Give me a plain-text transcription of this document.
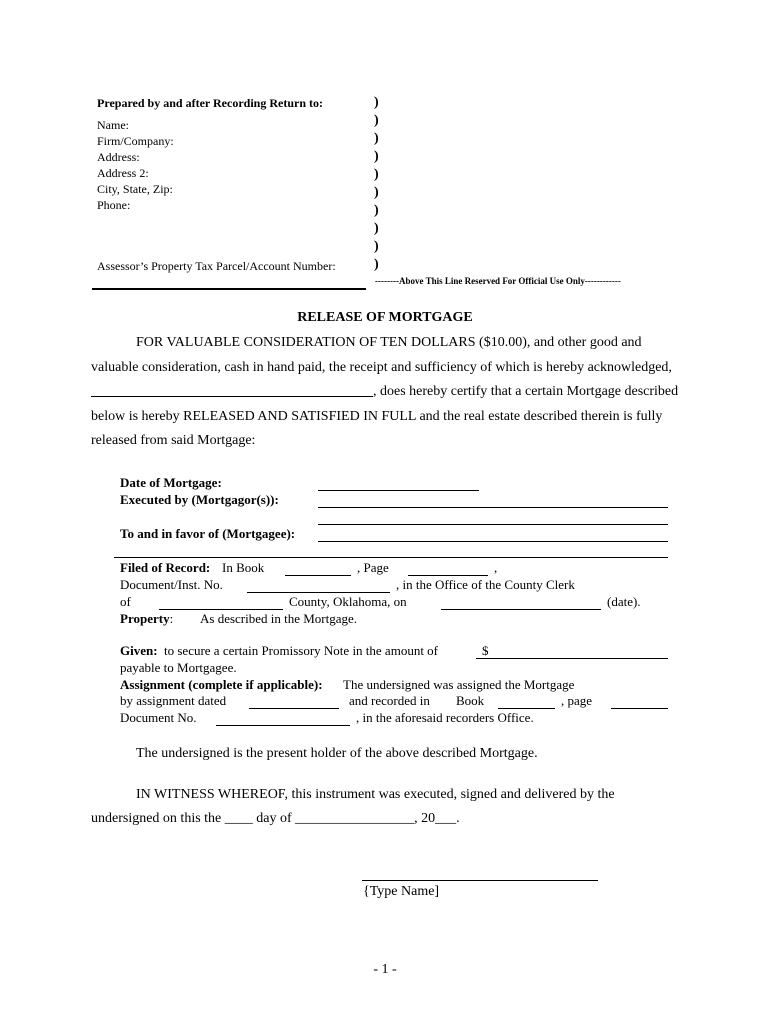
Prepared by and after Recording Return to:
Name:
Firm/Company:
Address:
Address 2:
City, State, Zip:
Phone:
Assessor’s Property Tax Parcel/Account Number:
)
)
)
)
)
)
)
)
)
)
--------Above This Line Reserved For Official Use Only------------
RELEASE OF MORTGAGE
FOR VALUABLE CONSIDERATION OF TEN DOLLARS ($10.00), and other good and
valuable consideration, cash in hand paid, the receipt and sufficiency of which is hereby acknowledged,
, does hereby certify that a certain Mortgage described
below is hereby RELEASED AND SATISFIED IN FULL and the real estate described therein is fully
released from said Mortgage:
Date of Mortgage:
Executed by (Mortgagor(s)):
To and in favor of (Mortgagee):
Filed of Record: In Book	, Page	,
Document/Inst. No.	, in the Office of the County Clerk
of	County, Oklahoma, on	(date).
Property: As described in the Mortgage.
Given: to secure a certain Promissory Note in the amount of	$
payable to Mortgagee.
Assignment (complete if applicable): The undersigned was assigned the Mortgage
by assignment dated	and recorded in Book	, page
Document No.	, in the aforesaid recorders Office.
The undersigned is the present holder of the above described Mortgage.
IN WITNESS WHEREOF, this instrument was executed, signed and delivered by the
undersigned on this the ____ day of _________________, 20___.
{Type Name]
- 1 -
